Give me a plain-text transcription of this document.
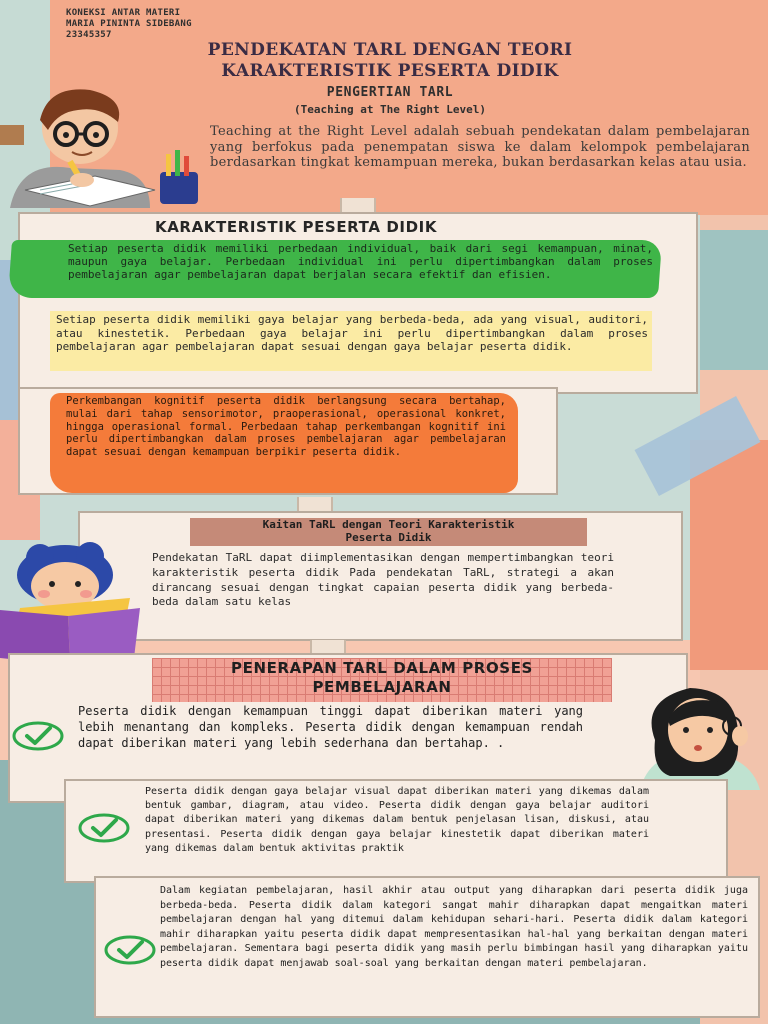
KONEKSI ANTAR MATERI
MARIA PININTA SIDEBANG
23345357
PENDEKATAN TARL DENGAN TEORI
KARAKTERISTIK PESERTA DIDIK
PENGERTIAN TARL
(Teaching at The Right Level)
Teaching at the Right Level adalah sebuah pendekatan dalam pembelajaran yang berfokus pada penempatan siswa ke dalam kelompok pembelajaran berdasarkan tingkat kemampuan mereka, bukan berdasarkan kelas atau usia.
KARAKTERISTIK PESERTA DIDIK
Setiap peserta didik memiliki perbedaan individual, baik dari segi kemampuan, minat, maupun gaya belajar. Perbedaan individual ini perlu dipertimbangkan dalam proses pembelajaran agar pembelajaran dapat berjalan secara efektif dan efisien.
Setiap peserta didik memiliki gaya belajar yang berbeda-beda, ada yang visual, auditori, atau kinestetik. Perbedaan gaya belajar ini perlu dipertimbangkan dalam proses pembelajaran agar pembelajaran dapat sesuai dengan gaya belajar peserta didik.
Perkembangan kognitif peserta didik berlangsung secara bertahap, mulai dari tahap sensorimotor, praoperasional, operasional konkret, hingga operasional formal. Perbedaan tahap perkembangan kognitif ini perlu dipertimbangkan dalam proses pembelajaran agar pembelajaran dapat sesuai dengan kemampuan berpikir peserta didik.
Kaitan TaRL dengan Teori Karakteristik
Peserta Didik
Pendekatan TaRL dapat diimplementasikan dengan mempertimbangkan teori karakteristik peserta didik Pada pendekatan TaRL, strategi a akan dirancang sesuai dengan tingkat capaian peserta didik yang berbeda-beda dalam satu kelas
PENERAPAN TARL DALAM PROSES
PEMBELAJARAN
Peserta didik dengan kemampuan tinggi dapat diberikan materi yang lebih menantang dan kompleks. Peserta didik dengan kemampuan rendah dapat diberikan materi yang lebih sederhana dan bertahap. .
Peserta didik dengan gaya belajar visual dapat diberikan materi yang dikemas dalam bentuk gambar, diagram, atau video. Peserta didik dengan gaya belajar auditori dapat diberikan materi yang dikemas dalam bentuk penjelasan lisan, diskusi, atau presentasi. Peserta didik dengan gaya belajar kinestetik dapat diberikan materi yang dikemas dalam bentuk aktivitas praktik
Dalam kegiatan pembelajaran, hasil akhir atau output yang diharapkan dari peserta didik juga berbeda-beda. Peserta didik dalam kategori sangat mahir diharapkan dapat mengaitkan materi pembelajaran dengan hal yang ditemui dalam kehidupan sehari-hari. Peserta didik dalam kategori mahir diharapkan yaitu peserta didik dapat mempresentasikan hal-hal yang berkaitan dengan materi pembelajaran. Sementara bagi peserta didik yang masih perlu bimbingan hasil yang diharapkan yaitu peserta didik dapat menjawab soal-soal yang berkaitan dengan materi pembelajaran.
